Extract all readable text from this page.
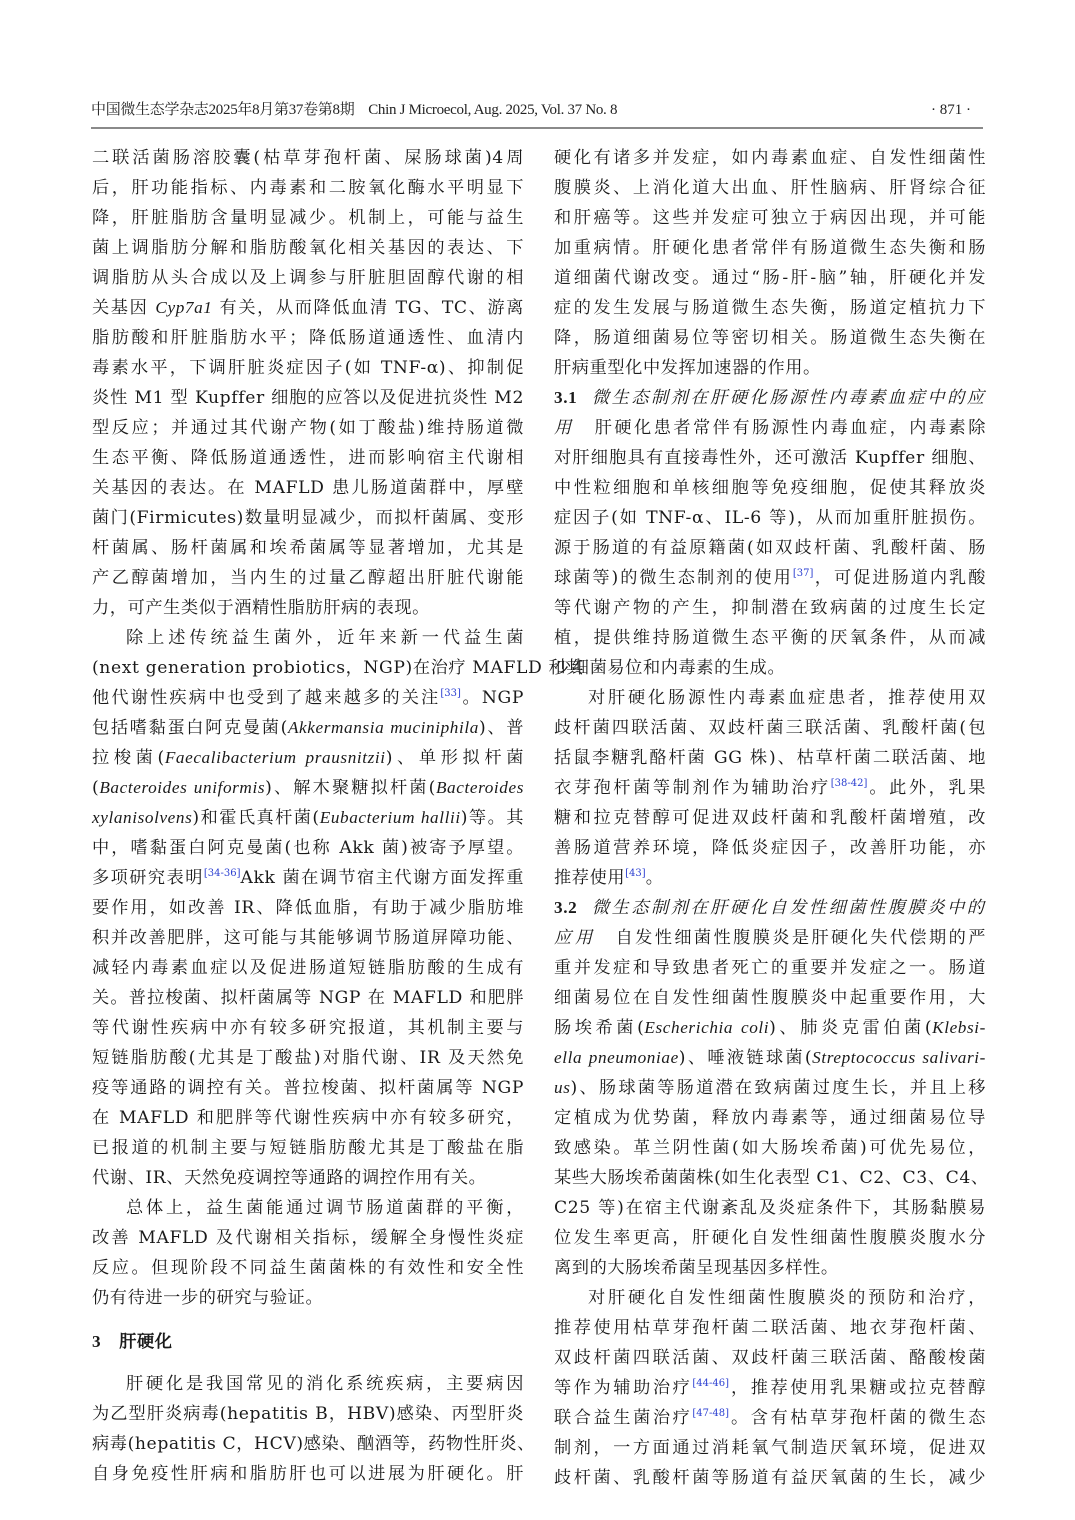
中国微生态学杂志2025年8月第37卷第8期 Chin J Microecol, Aug. 2025, Vol. 37 No. 8	· 871 ·
二联活菌肠溶胶囊(枯草芽孢杆菌、屎肠球菌)4周
后，肝功能指标、内毒素和二胺氧化酶水平明显下
降，肝脏脂肪含量明显减少。机制上，可能与益生
菌上调脂肪分解和脂肪酸氧化相关基因的表达、下
调脂肪从头合成以及上调参与肝脏胆固醇代谢的相
关基因 Cyp7a1 有关，从而降低血清 TG、TC、游离
脂肪酸和肝脏脂肪水平；降低肠道通透性、血清内
毒素水平，下调肝脏炎症因子(如 TNF-α)、抑制促
炎性 M1 型 Kupffer 细胞的应答以及促进抗炎性 M2
型反应；并通过其代谢产物(如丁酸盐)维持肠道微
生态平衡、降低肠道通透性，进而影响宿主代谢相
关基因的表达。在 MAFLD 患儿肠道菌群中，厚壁
菌门(Firmicutes)数量明显减少，而拟杆菌属、变形
杆菌属、肠杆菌属和埃希菌属等显著增加，尤其是
产乙醇菌增加，当内生的过量乙醇超出肝脏代谢能
力，可产生类似于酒精性脂肪肝病的表现。
除上述传统益生菌外，近年来新一代益生菌
(next generation probiotics，NGP)在治疗 MAFLD 和其
他代谢性疾病中也受到了越来越多的关注[33]。NGP
包括嗜黏蛋白阿克曼菌(Akkermansia muciniphila)、普
拉梭菌(Faecalibacterium prausnitzii)、单形拟杆菌
(Bacteroides uniformis)、解木聚糖拟杆菌(Bacteroides
xylanisolvens)和霍氏真杆菌(Eubacterium hallii)等。其
中，嗜黏蛋白阿克曼菌(也称 Akk 菌)被寄予厚望。
多项研究表明[34-36]Akk 菌在调节宿主代谢方面发挥重
要作用，如改善 IR、降低血脂，有助于减少脂肪堆
积并改善肥胖，这可能与其能够调节肠道屏障功能、
减轻内毒素血症以及促进肠道短链脂肪酸的生成有
关。普拉梭菌、拟杆菌属等 NGP 在 MAFLD 和肥胖
等代谢性疾病中亦有较多研究报道，其机制主要与
短链脂肪酸(尤其是丁酸盐)对脂代谢、IR 及天然免
疫等通路的调控有关。普拉梭菌、拟杆菌属等 NGP
在 MAFLD 和肥胖等代谢性疾病中亦有较多研究，
已报道的机制主要与短链脂肪酸尤其是丁酸盐在脂
代谢、IR、天然免疫调控等通路的调控作用有关。
总体上，益生菌能通过调节肠道菌群的平衡，
改善 MAFLD 及代谢相关指标，缓解全身慢性炎症
反应。但现阶段不同益生菌菌株的有效性和安全性
仍有待进一步的研究与验证。
3 肝硬化
肝硬化是我国常见的消化系统疾病，主要病因
为乙型肝炎病毒(hepatitis B，HBV)感染、丙型肝炎
病毒(hepatitis C，HCV)感染、酗酒等，药物性肝炎、
自身免疫性肝病和脂肪肝也可以进展为肝硬化。肝
硬化有诸多并发症，如内毒素血症、自发性细菌性
腹膜炎、上消化道大出血、肝性脑病、肝肾综合征
和肝癌等。这些并发症可独立于病因出现，并可能
加重病情。肝硬化患者常伴有肠道微生态失衡和肠
道细菌代谢改变。通过“肠-肝-脑”轴，肝硬化并发
症的发生发展与肠道微生态失衡，肠道定植抗力下
降，肠道细菌易位等密切相关。肠道微生态失衡在
肝病重型化中发挥加速器的作用。
3.1 微生态制剂在肝硬化肠源性内毒素血症中的应
用　肝硬化患者常伴有肠源性内毒血症，内毒素除
对肝细胞具有直接毒性外，还可激活 Kupffer 细胞、
中性粒细胞和单核细胞等免疫细胞，促使其释放炎
症因子(如 TNF-α、IL-6 等)，从而加重肝脏损伤。
源于肠道的有益原籍菌(如双歧杆菌、乳酸杆菌、肠
球菌等)的微生态制剂的使用[37]，可促进肠道内乳酸
等代谢产物的产生，抑制潜在致病菌的过度生长定
植，提供维持肠道微生态平衡的厌氧条件，从而减
少细菌易位和内毒素的生成。
对肝硬化肠源性内毒素血症患者，推荐使用双
歧杆菌四联活菌、双歧杆菌三联活菌、乳酸杆菌(包
括鼠李糖乳酪杆菌 GG 株)、枯草杆菌二联活菌、地
衣芽孢杆菌等制剂作为辅助治疗[38-42]。此外，乳果
糖和拉克替醇可促进双歧杆菌和乳酸杆菌增殖，改
善肠道营养环境，降低炎症因子，改善肝功能，亦
推荐使用[43]。
3.2 微生态制剂在肝硬化自发性细菌性腹膜炎中的
应用　自发性细菌性腹膜炎是肝硬化失代偿期的严
重并发症和导致患者死亡的重要并发症之一。肠道
细菌易位在自发性细菌性腹膜炎中起重要作用，大
肠埃希菌(Escherichia coli)、肺炎克雷伯菌(Klebsi-
ella pneumoniae)、唾液链球菌(Streptococcus salivari-
us)、肠球菌等肠道潜在致病菌过度生长，并且上移
定植成为优势菌，释放内毒素等，通过细菌易位导
致感染。革兰阴性菌(如大肠埃希菌)可优先易位，
某些大肠埃希菌菌株(如生化表型 C1、C2、C3、C4、
C25 等)在宿主代谢紊乱及炎症条件下，其肠黏膜易
位发生率更高，肝硬化自发性细菌性腹膜炎腹水分
离到的大肠埃希菌呈现基因多样性。
对肝硬化自发性细菌性腹膜炎的预防和治疗，
推荐使用枯草芽孢杆菌二联活菌、地衣芽孢杆菌、
双歧杆菌四联活菌、双歧杆菌三联活菌、酪酸梭菌
等作为辅助治疗[44-46]，推荐使用乳果糖或拉克替醇
联合益生菌治疗[47-48]。含有枯草芽孢杆菌的微生态
制剂，一方面通过消耗氧气制造厌氧环境，促进双
歧杆菌、乳酸杆菌等肠道有益厌氧菌的生长，减少
